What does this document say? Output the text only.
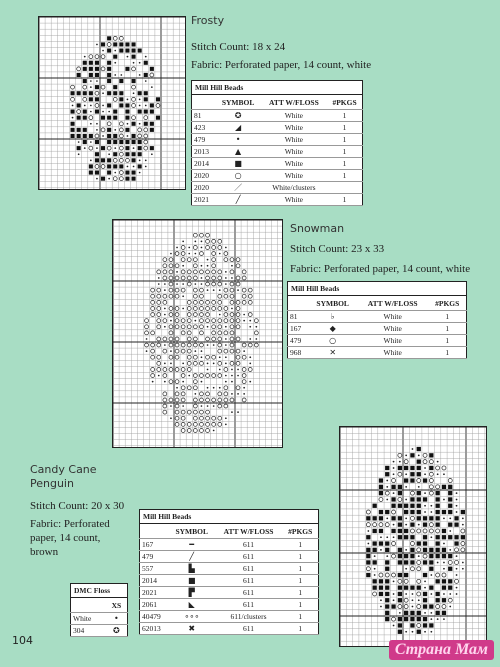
Frosty
Stitch Count: 18 x 24
Fabric: Perforated paper, 14 count, white
Mill Hill Beads
	SYMBOL	ATT W/FLOSS	#PKGS
81	✪	White	1
423	◢	White	1
479	•	White	1
2013	▲	White	1
2014	■	White	1
2020	○	White	1
2020	／	White/clusters	
2021	╱	White	1
Snowman
Stitch Count: 23 x 33
Fabric: Perforated paper, 14 count, white
Mill Hill Beads
	SYMBOL	ATT W/FLOSS	#PKGS
81	♭	White	1
167	◆	White	1
479	○	White	1
968	✕	White	1
Candy Cane
Penguin
Stitch Count: 20 x 30
Fabric: Perforated
paper, 14 count,
brown
Mill Hill Beads
	SYMBOL	ATT W/FLOSS	#PKGS
167	━	611	1
479	╱	611	1
557	▙	611	1
2014	■	611	1
2021	▛	611	1
2061	◣	611	1
40479	∘∘∘	611/clusters	1
62013	✖	611	1
DMC Floss
	XS
White	•
304	✪
104
Страна Мам
